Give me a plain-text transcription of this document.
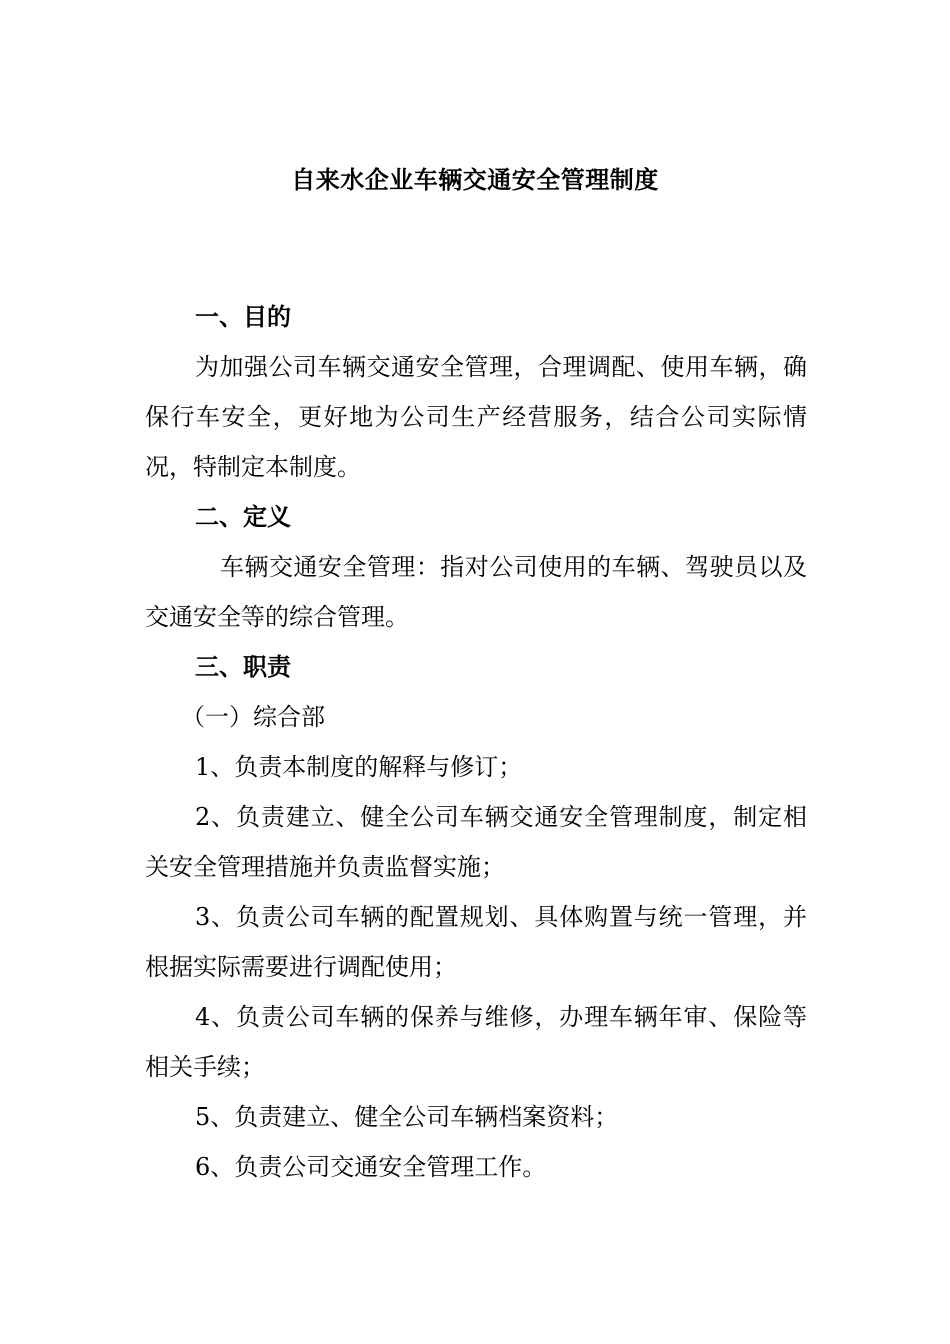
自来水企业车辆交通安全管理制度

一、目的

为加强公司车辆交通安全管理，合理调配、使用车辆，确保行车安全，更好地为公司生产经营服务，结合公司实际情况，特制定本制度。

二、定义

车辆交通安全管理：指对公司使用的车辆、驾驶员以及交通安全等的综合管理。

三、职责

（一）综合部

1、负责本制度的解释与修订；

2、负责建立、健全公司车辆交通安全管理制度，制定相关安全管理措施并负责监督实施；

3、负责公司车辆的配置规划、具体购置与统一管理，并根据实际需要进行调配使用；

4、负责公司车辆的保养与维修，办理车辆年审、保险等相关手续；

5、负责建立、健全公司车辆档案资料；

6、负责公司交通安全管理工作。
